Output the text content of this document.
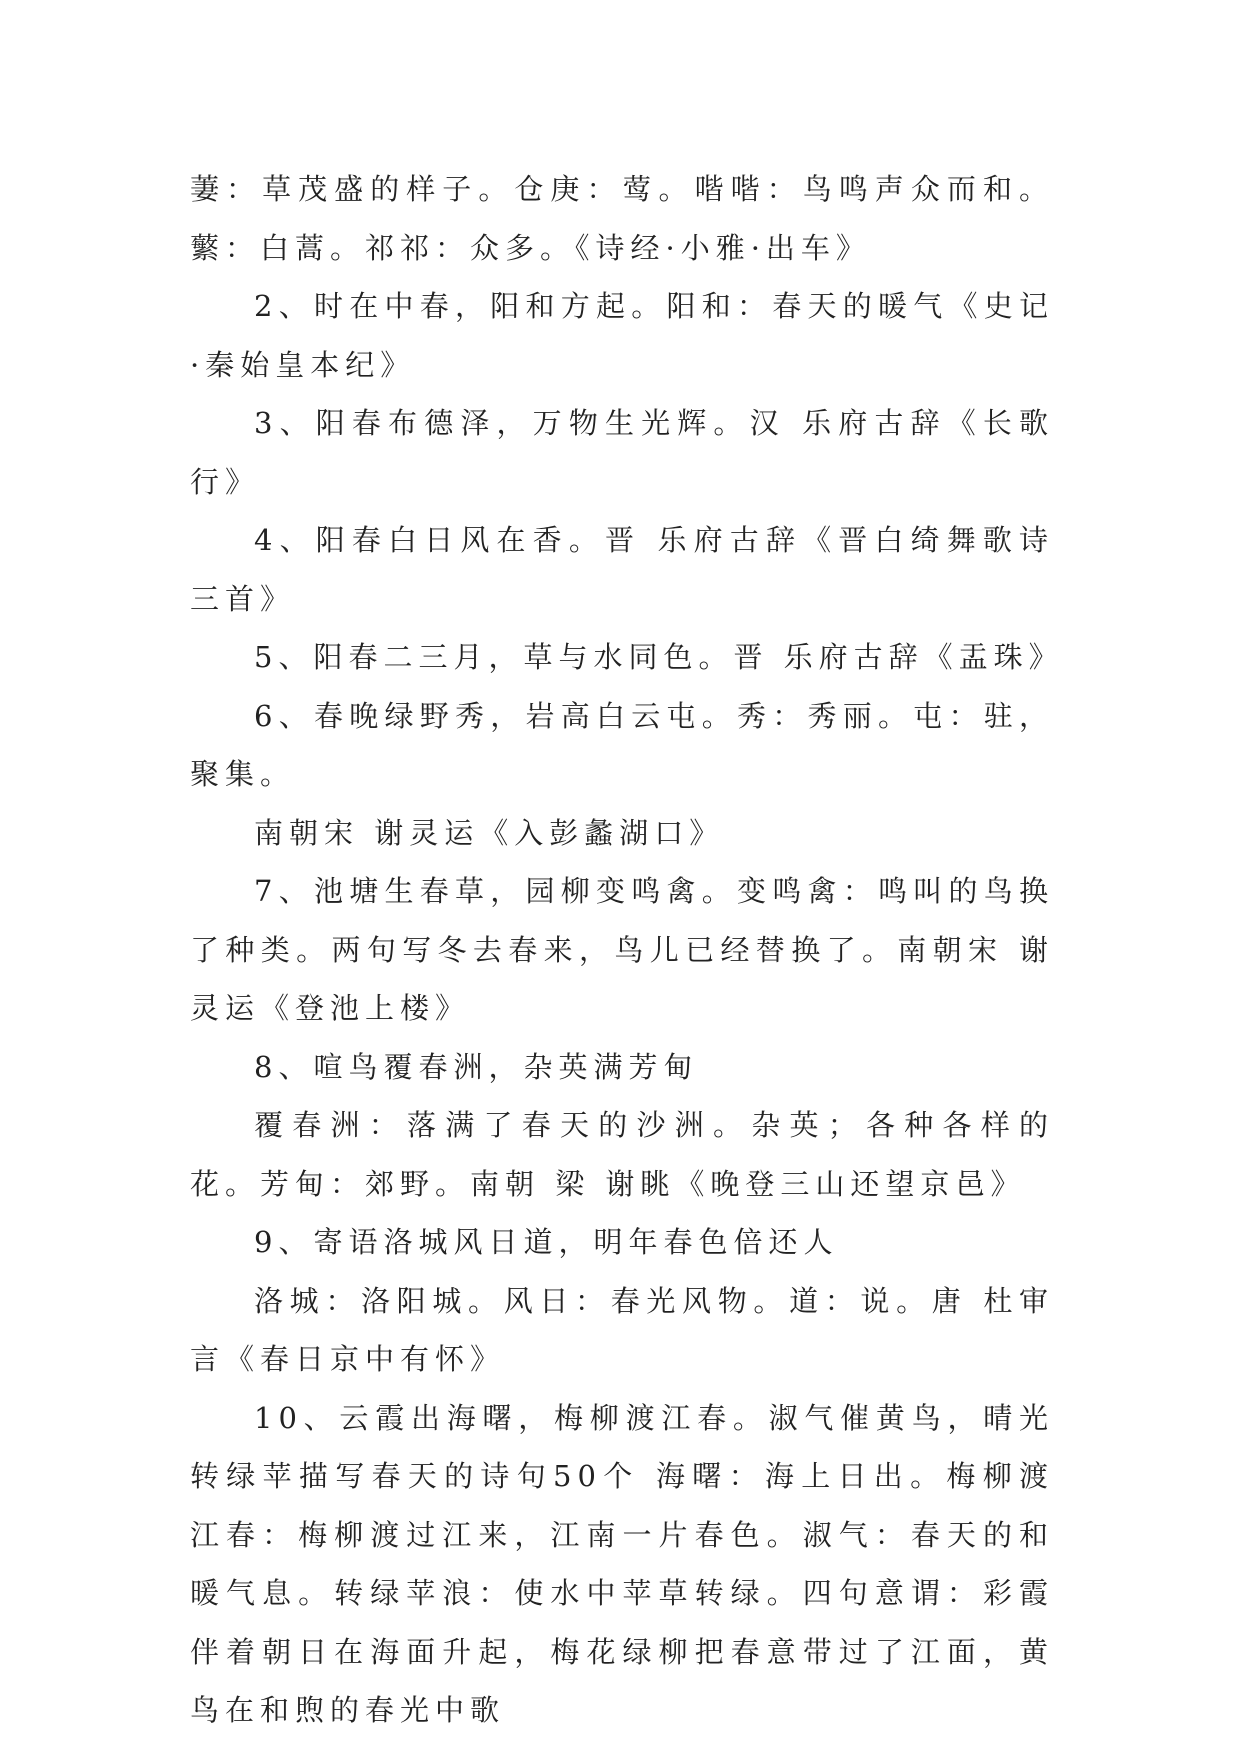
萋：草茂盛的样子。仓庚：莺。喈喈：鸟鸣声众而和。蘩：白蒿。祁祁：众多。《诗经·小雅·出车》

2、时在中春，阳和方起。阳和：春天的暖气《史记·秦始皇本纪》

3、阳春布德泽，万物生光辉。汉 乐府古辞《长歌行》

4、阳春白日风在香。晋 乐府古辞《晋白绮舞歌诗三首》

5、阳春二三月，草与水同色。晋 乐府古辞《盂珠》

6、春晚绿野秀，岩高白云屯。秀：秀丽。屯：驻，聚集。

南朝宋 谢灵运《入彭蠡湖口》

7、池塘生春草，园柳变鸣禽。变鸣禽：鸣叫的鸟换了种类。两句写冬去春来，鸟儿已经替换了。南朝宋 谢灵运《登池上楼》

8、喧鸟覆春洲，杂英满芳甸

覆春洲：落满了春天的沙洲。杂英；各种各样的花。芳甸：郊野。南朝 梁 谢眺《晚登三山还望京邑》

9、寄语洛城风日道，明年春色倍还人

洛城：洛阳城。风日：春光风物。道：说。唐 杜审言《春日京中有怀》

10、云霞出海曙，梅柳渡江春。淑气催黄鸟，晴光转绿苹描写春天的诗句50个 海曙：海上日出。梅柳渡江春：梅柳渡过江来，江南一片春色。淑气：春天的和暖气息。转绿苹浪：使水中苹草转绿。四句意谓：彩霞伴着朝日在海面升起，梅花绿柳把春意带过了江面，黄鸟在和煦的春光中歌
